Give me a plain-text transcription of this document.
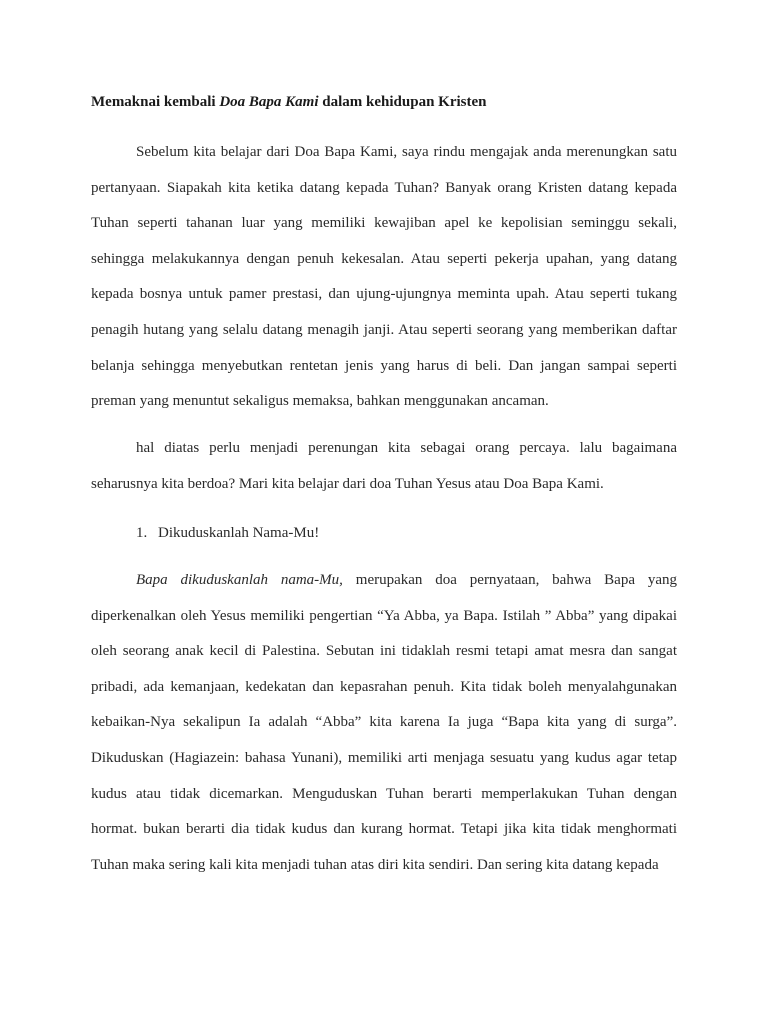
Memaknai kembali Doa Bapa Kami dalam kehidupan Kristen

Sebelum kita belajar dari Doa Bapa Kami, saya rindu mengajak anda merenungkan satu pertanyaan. Siapakah kita ketika datang kepada Tuhan? Banyak orang Kristen datang kepada Tuhan seperti tahanan luar yang memiliki kewajiban apel ke kepolisian seminggu sekali, sehingga melakukannya dengan penuh kekesalan. Atau seperti pekerja upahan, yang datang kepada bosnya untuk pamer prestasi, dan ujung-ujungnya meminta upah. Atau seperti tukang penagih hutang yang selalu datang menagih janji. Atau seperti seorang yang memberikan daftar belanja sehingga menyebutkan rentetan jenis yang harus di beli. Dan jangan sampai seperti preman yang menuntut sekaligus memaksa, bahkan menggunakan ancaman.

hal diatas perlu menjadi perenungan kita sebagai orang percaya. lalu bagaimana seharusnya kita berdoa? Mari kita belajar dari doa Tuhan Yesus atau Doa Bapa Kami.

1. Dikuduskanlah Nama-Mu!

Bapa dikuduskanlah nama-Mu, merupakan doa pernyataan, bahwa Bapa yang diperkenalkan oleh Yesus memiliki pengertian “Ya Abba, ya Bapa. Istilah ” Abba” yang dipakai oleh seorang anak kecil di Palestina. Sebutan ini tidaklah resmi tetapi amat mesra dan sangat pribadi, ada kemanjaan, kedekatan dan kepasrahan penuh. Kita tidak boleh menyalahgunakan kebaikan-Nya sekalipun Ia adalah “Abba” kita karena Ia juga “Bapa kita yang di surga”. Dikuduskan (Hagiazein: bahasa Yunani), memiliki arti menjaga sesuatu yang kudus agar tetap kudus atau tidak dicemarkan. Menguduskan Tuhan berarti memperlakukan Tuhan dengan hormat. bukan berarti dia tidak kudus dan kurang hormat. Tetapi jika kita tidak menghormati Tuhan maka sering kali kita menjadi tuhan atas diri kita sendiri. Dan sering kita datang kepada
